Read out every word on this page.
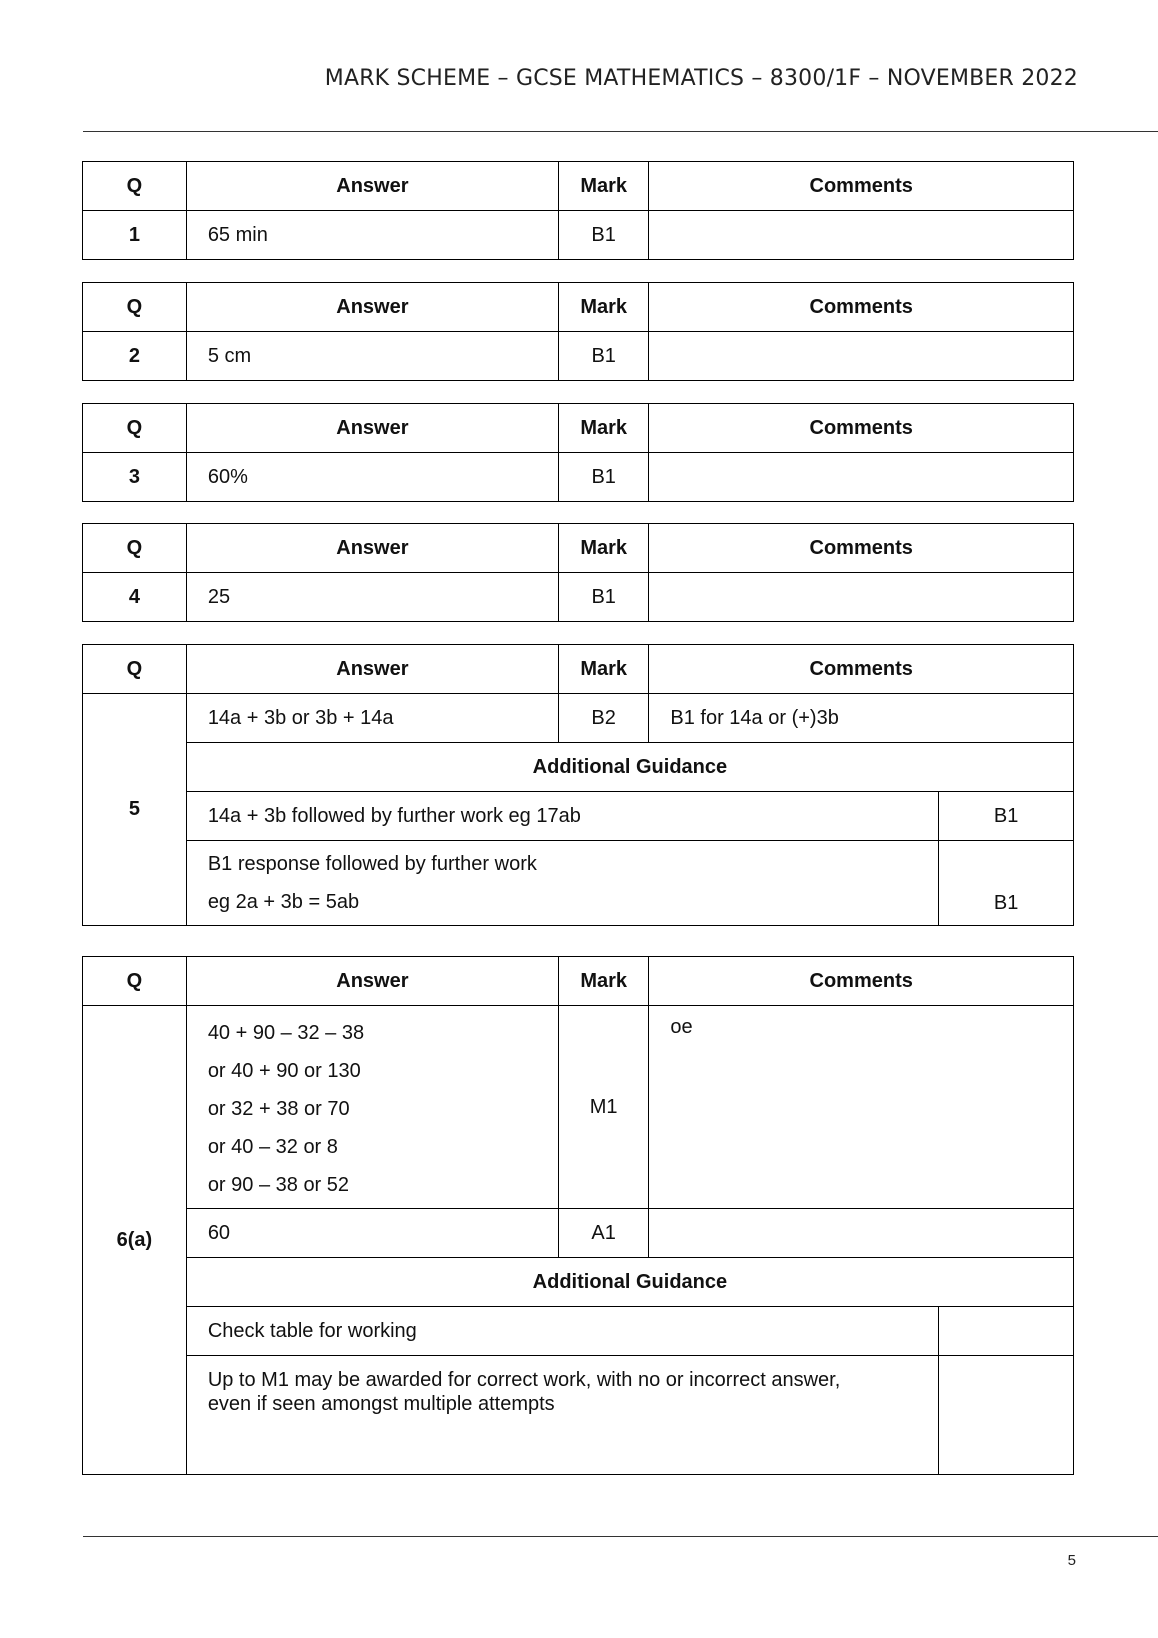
MARK SCHEME – GCSE MATHEMATICS – 8300/1F – NOVEMBER 2022
Q	Answer	Mark	Comments
1	65 min	B1	
Q	Answer	Mark	Comments
2	5 cm	B1	
Q	Answer	Mark	Comments
3	60%	B1	
Q	Answer	Mark	Comments
4	25	B1	
Q	Answer	Mark	Comments	
5	14a + 3b or 3b + 14a	B2	B1 for 14a or (+)3b	
	Additional Guidance			
	14a + 3b followed by further work eg 17ab			B1

	B1 response followed by further work
eg 2a + 3b = 5ab			B1
Q	Answer	Mark	Comments	
6(a)	40 + 90 – 32 – 38
or 40 + 90 or 130
or 32 + 38 or 70
or 40 – 32 or 8
or 90 – 38 or 52	M1	oe	
	60	A1		
	Additional Guidance			
	Check table for working			

	Up to M1 may be awarded for correct work, with no or incorrect answer,
even if seen amongst multiple attempts			

5
